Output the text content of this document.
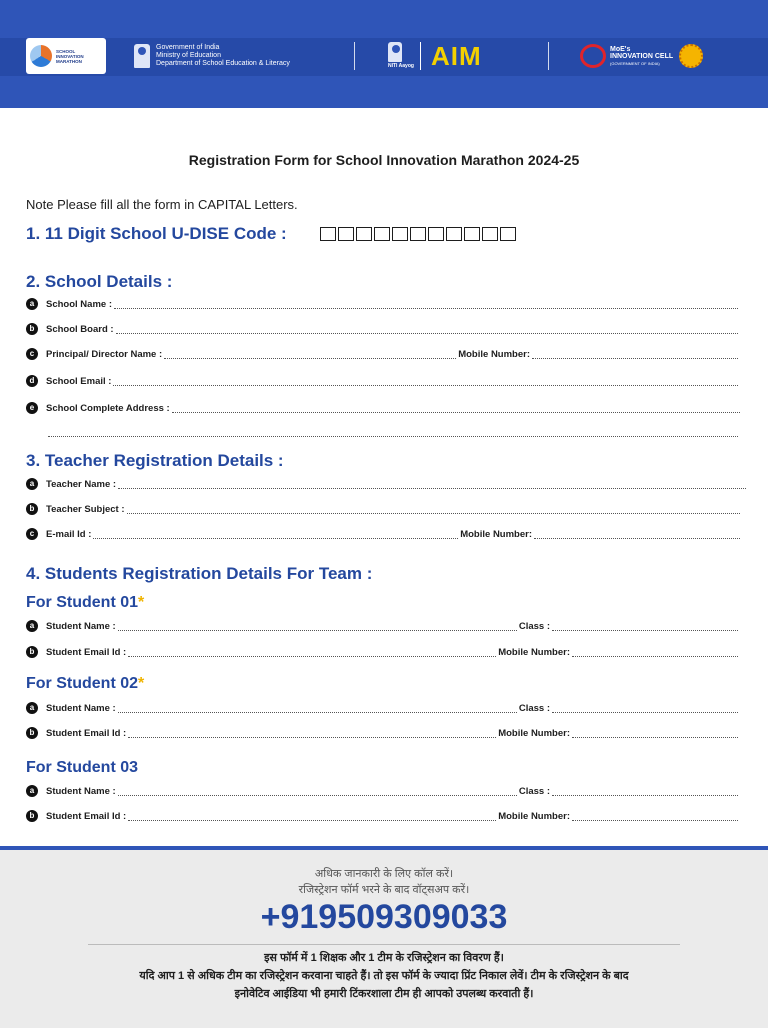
SCHOOL
INNOVATION
MARATHON
Government of India
Ministry of Education
Department of School Education & Literacy	NITI Aayog AIM	MoE's
INNOVATION CELL
(GOVERNMENT OF INDIA)
Registration Form for School Innovation Marathon 2024-25
Note Please fill all the form in CAPITAL Letters.
1. 11 Digit School U-DISE Code :
2. School Details :
a	School Name :
b	School Board :
c	Principal/ Director Name :	Mobile Number:
d	School Email :
e	School Complete Address :
3. Teacher Registration Details :
a	Teacher Name :
b	Teacher Subject :
c	E-mail Id :	Mobile Number:
4. Students Registration Details For Team :
For Student 01*
a	Student Name :	Class :
b	Student Email Id :	Mobile Number:
For Student 02*
a	Student Name :	Class :
b	Student Email Id :	Mobile Number:
For Student 03
a	Student Name :	Class :
b	Student Email Id :	Mobile Number:
अधिक जानकारी के लिए कॉल करें।
रजिस्ट्रेशन फॉर्म भरने के बाद वॉट्सअप करें।
+919509309033
इस फॉर्म में 1 शिक्षक और 1 टीम के रजिस्ट्रेशन का विवरण हैं।
यदि आप 1 से अधिक टीम का रजिस्ट्रेशन करवाना चाहते हैं। तो इस फॉर्म के ज्यादा प्रिंट निकाल लेवें। टीम के रजिस्ट्रेशन के बाद
इनोवेटिव आईडिया भी हमारी टिंकरशाला टीम ही आपको उपलब्ध करवाती हैं।
